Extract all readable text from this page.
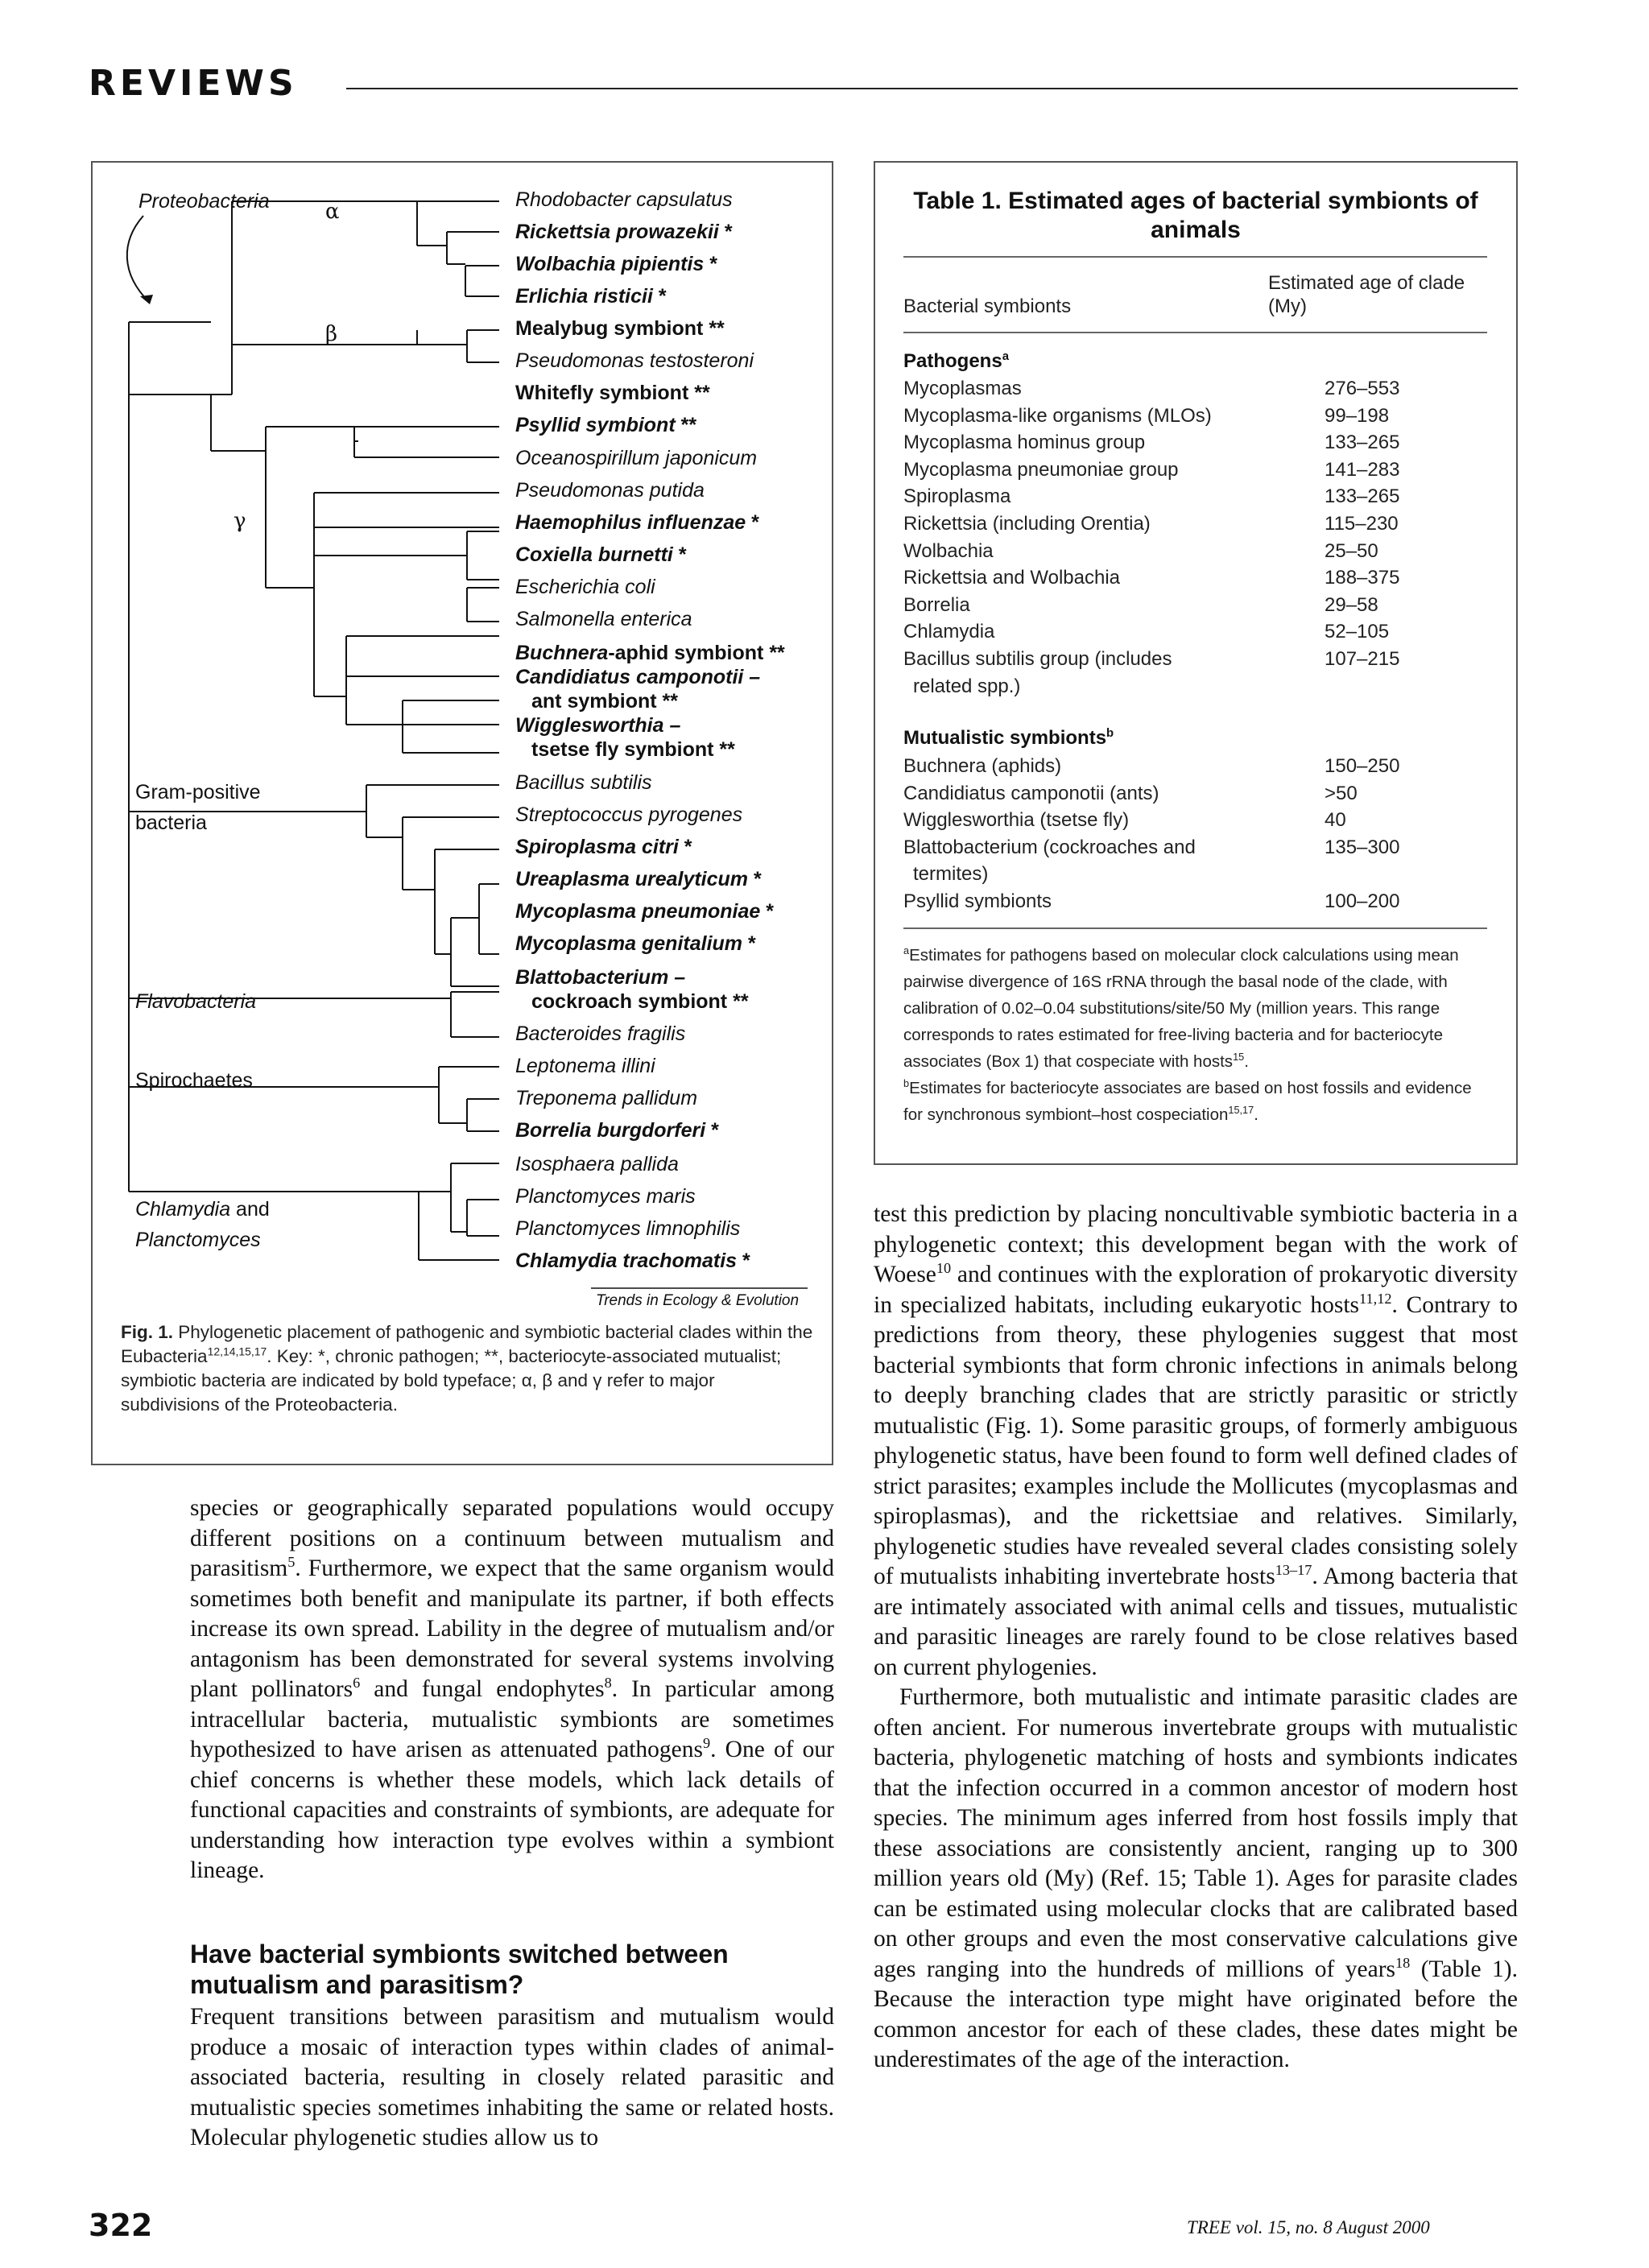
REVIEWS
Proteobacteria	α
β
γ
Gram-positive
bacteria
Flavobacteria
Spirochaetes
Chlamydia and
Planctomyces
Rhodobacter capsulatus
Rickettsia prowazekii *
Wolbachia pipientis *
Erlichia risticii *
Mealybug symbiont **
Pseudomonas testosteroni
Whitefly symbiont **
Psyllid symbiont **
Oceanospirillum japonicum
Pseudomonas putida
Haemophilus influenzae *
Coxiella burnetti *
Escherichia coli
Salmonella enterica
Buchnera-aphid symbiont **
Candidiatus camponotii –
ant symbiont **
Wigglesworthia –
tsetse fly symbiont **
Bacillus subtilis
Streptococcus pyrogenes
Spiroplasma citri *
Ureaplasma urealyticum *
Mycoplasma pneumoniae *
Mycoplasma genitalium *
Blattobacterium –
cockroach symbiont **
Bacteroides fragilis
Leptonema illini
Treponema pallidum
Borrelia burgdorferi *
Isosphaera pallida
Planctomyces maris
Planctomyces limnophilis
Chlamydia trachomatis *
Trends in Ecology & Evolution
Fig. 1. Phylogenetic placement of pathogenic and symbiotic bacterial clades within the Eubacteria$^{12,14,15,17}$. Key: *, chronic pathogen; **, bacteriocyte-associated mutualist; symbiotic bacteria are indicated by bold typeface; α, β and γ refer to major subdivisions of the Proteobacteria.
Table 1. Estimated ages of bacterial symbionts of animals
Bacterial symbionts
Estimated age of clade
(My)
Pathogens$^a$
Mycoplasmas	276–553
Mycoplasma-like organisms (MLOs)	99–198
Mycoplasma hominus group	133–265
Mycoplasma pneumoniae group	141–283
Spiroplasma	133–265
Rickettsia (including Orentia)	115–230
Wolbachia	25–50
Rickettsia and Wolbachia	188–375
Borrelia	29–58
Chlamydia	52–105
Bacillus subtilis group (includes	107–215
related spp.)
Mutualistic symbionts$^b$
Buchnera (aphids)	150–250
Candidiatus camponotii (ants)	>50
Wigglesworthia (tsetse fly)	40
Blattobacterium (cockroaches and	135–300
termites)
Psyllid symbionts	100–200
$^a$Estimates for pathogens based on molecular clock calculations using mean pairwise divergence of 16S rRNA through the basal node of the clade, with calibration of 0.02–0.04 substitutions/site/50 My (million years. This range corresponds to rates estimated for free-living bacteria and for bacteriocyte associates (Box 1) that cospeciate with hosts$^{15}$.
$^b$Estimates for bacteriocyte associates are based on host fossils and evidence for synchronous symbiont–host cospeciation$^{15,17}$.

species or geographically separated populations would occupy different positions on a continuum between mutualism and parasitism$^5$. Furthermore, we expect that the same organism would sometimes both benefit and manipulate its partner, if both effects increase its own spread. Lability in the degree of mutualism and/or antagonism has been demonstrated for several systems involving plant pollinators$^6$ and fungal endophytes$^8$. In particular among intracellular bacteria, mutualistic symbionts are sometimes hypothesized to have arisen as attenuated pathogens$^9$. One of our chief concerns is whether these models, which lack details of functional capacities and constraints of symbionts, are adequate for understanding how interaction type evolves within a symbiont lineage.

Have bacterial symbionts switched between mutualism and parasitism?

Frequent transitions between parasitism and mutualism would produce a mosaic of interaction types within clades of animal-associated bacteria, resulting in closely related parasitic and mutualistic species sometimes inhabiting the same or related hosts. Molecular phylogenetic studies allow us to

test this prediction by placing noncultivable symbiotic bacteria in a phylogenetic context; this development began with the work of Woese$^{10}$ and continues with the exploration of prokaryotic diversity in specialized habitats, including eukaryotic hosts$^{11,12}$. Contrary to predictions from theory, these phylogenies suggest that most bacterial symbionts that form chronic infections in animals belong to deeply branching clades that are strictly parasitic or strictly mutualistic (Fig. 1). Some parasitic groups, of formerly ambiguous phylogenetic status, have been found to form well defined clades of strict parasites; examples include the Mollicutes (mycoplasmas and spiroplasmas), and the rickettsiae and relatives. Similarly, phylogenetic studies have revealed several clades consisting solely of mutualists inhabiting invertebrate hosts$^{13-17}$. Among bacteria that are intimately associated with animal cells and tissues, mutualistic and parasitic lineages are rarely found to be close relatives based on current phylogenies.

Furthermore, both mutualistic and intimate parasitic clades are often ancient. For numerous invertebrate groups with mutualistic bacteria, phylogenetic matching of hosts and symbionts indicates that the infection occurred in a common ancestor of modern host species. The minimum ages inferred from host fossils imply that these associations are consistently ancient, ranging up to 300 million years old (My) (Ref. 15; Table 1). Ages for parasite clades can be estimated using molecular clocks that are calibrated based on other groups and even the most conservative calculations give ages ranging into the hundreds of millions of years$^{18}$ (Table 1). Because the interaction type might have originated before the common ancestor for each of these clades, these dates might be underestimates of the age of the interaction.

322	TREE vol. 15, no. 8 August 2000
